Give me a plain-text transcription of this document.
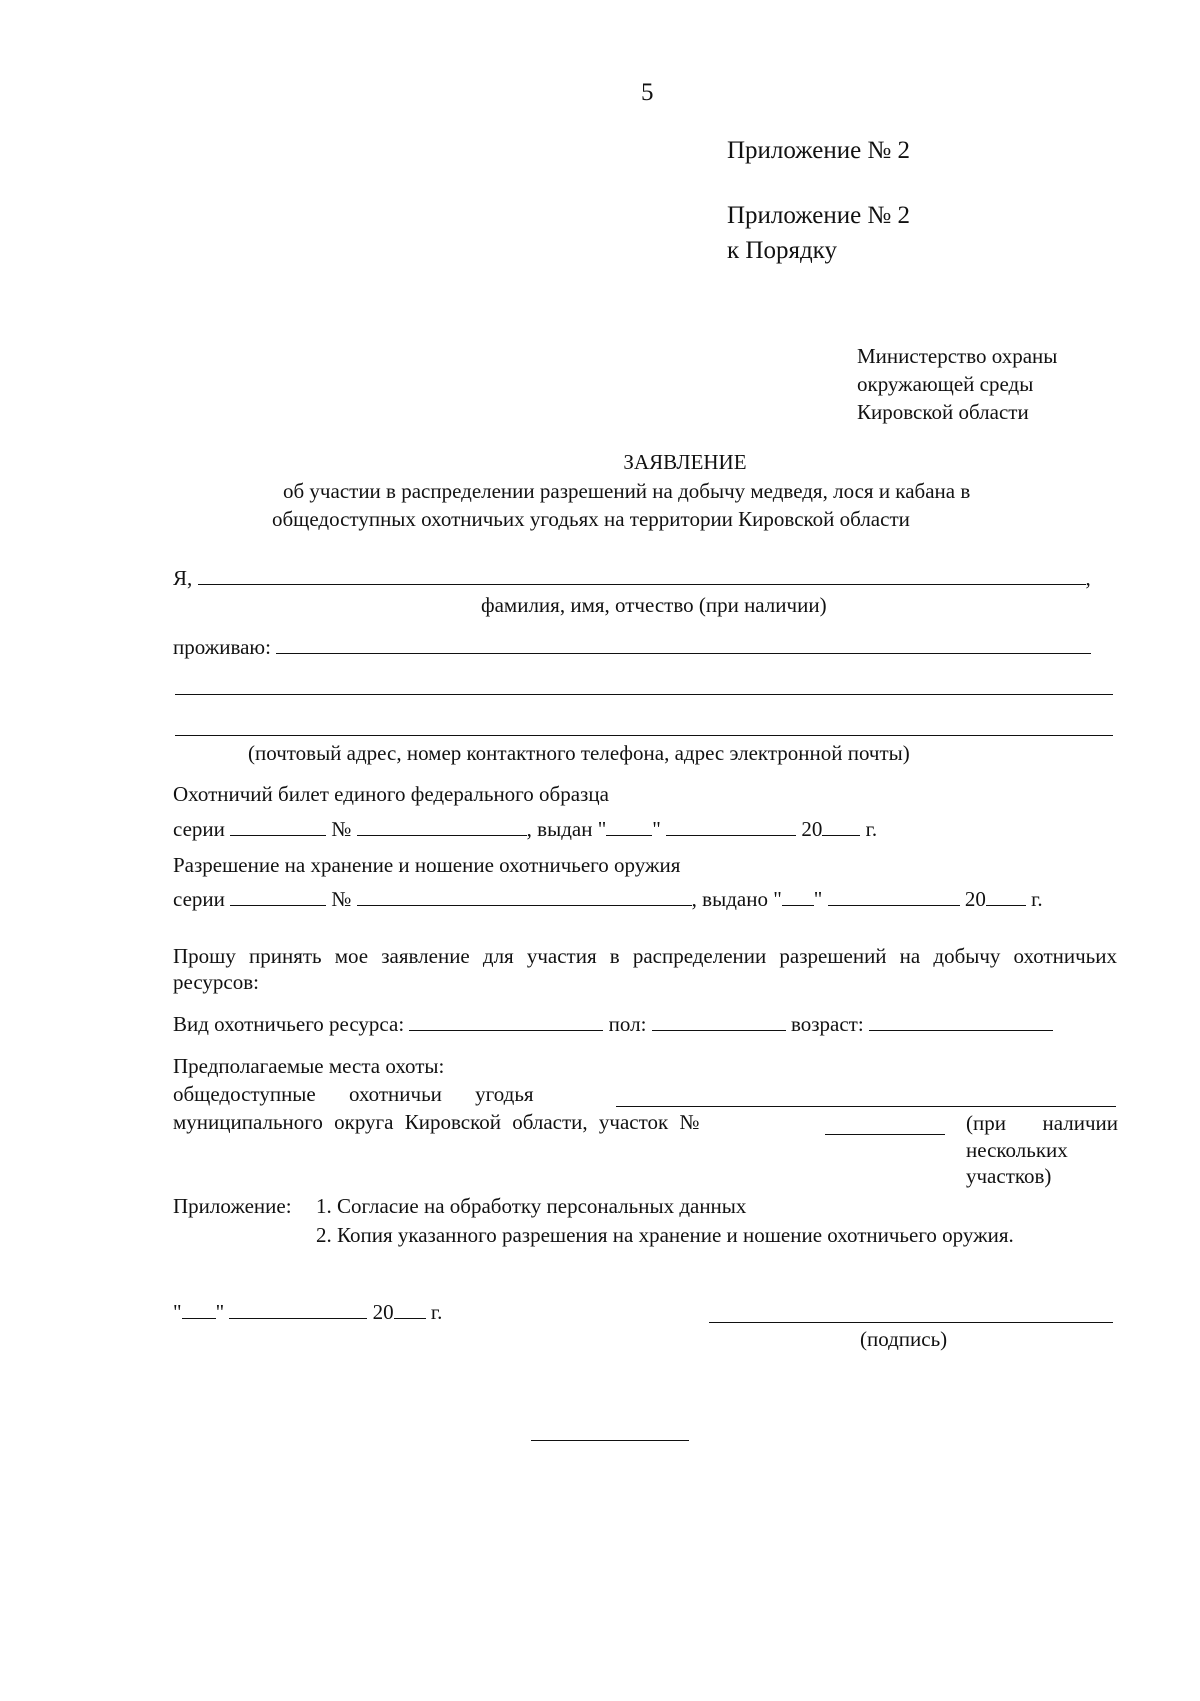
5
Приложение № 2
Приложение № 2
к Порядку
Министерство охраны
окружающей среды
Кировской области
ЗАЯВЛЕНИЕ
об участии в распределении разрешений на добычу медведя, лося и кабана в
общедоступных охотничьих угодьях на территории Кировской области
Я,	,
фамилия, имя, отчество (при наличии)
проживаю:
(почтовый адрес, номер контактного телефона, адрес электронной почты)
Охотничий билет единого федерального образца
серии	№	, выдан " "	20 г.
Разрешение на хранение и ношение охотничьего оружия
серии	№	, выдано " "	20 г.
Прошу принять мое заявление для участия в распределении разрешений на добычу охотничьих ресурсов:
Вид охотничьего ресурса:	пол:	возраст:
Предполагаемые места охоты:
общедоступные охотничьи угодья
муниципального округа Кировской области, участок №	(при наличии нескольких участков)
Приложение: 1. Согласие на обработку персональных данных
2. Копия указанного разрешения на хранение и ношение охотничьего оружия.
" "	20 г.
(подпись)
